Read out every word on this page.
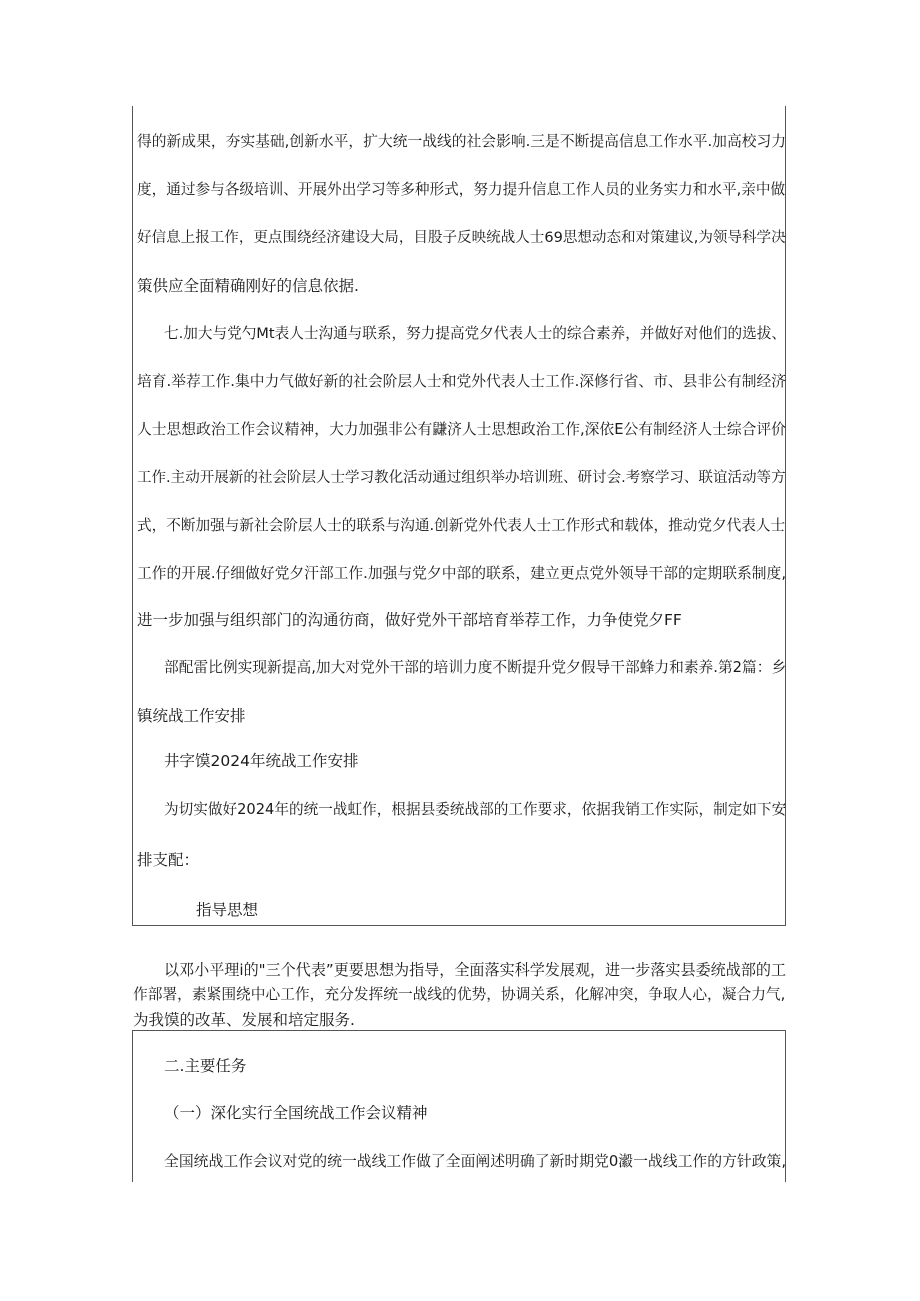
得的新成果，夯实基础,创新水平，扩大统一战线的社会影响.三是不断提高信息工作水平.加高校习力
度，通过参与各级培训、开展外出学习等多种形式，努力提升信息工作人员的业务实力和水平,亲中做
好信息上报工作，更点围绕经济建设大局，目股子反映统战人士69思想动态和对策建议,为领导科学决
策供应全面精确刚好的信息依据.
七.加大与党勺Mt表人士沟通与联系，努力提高党夕代表人士的综合素养，并做好对他们的选拔、
培育.举荐工作.集中力气做好新的社会阶层人士和党外代表人士工作.深修行省、市、县非公有制经济
人士思想政治工作会议精神，大力加强非公有鼸济人士思想政治工作,深依E公有制经济人士综合评价
工作.主动开展新的社会阶层人士学习教化活动通过组织举办培训班、研讨会.考察学习、联谊活动等方
式，不断加强与新社会阶层人士的联系与沟通.创新党外代表人士工作形式和载体，推动党夕代表人士
工作的开展.仔细做好党夕汗部工作.加强与党夕中部的联系，建立更点党外领导干部的定期联系制度,
进一步加强与组织部门的沟通彷商，做好党外干部培育举荐工作，力争使党夕FF
部配雷比例实现新提高,加大对党外干部的培训力度不断提升党夕假导干部蜂力和素养.第2篇：乡
镇统战工作安排
井字馍2024年统战工作安排
为切实做好2024年的统一战虹作，根据县委统战部的工作要求，依据我销工作实际，制定如下安
排支配：
指导思想
以邓小平理i的"三个代表”更要思想为指导，全面落实科学发展观，进一步落实县委统战部的工
作部署，素紧围绕中心工作，充分发挥统一战线的优势，协调关系，化解冲突，争取人心，凝合力气,
为我馍的改革、发展和培定服务.
二.主要任务
（一）深化实行全国统战工作会议精神
全国统战工作会议对党的统一战线工作做了全面阐述明确了新时期党0瀫一战线工作的方针政策,
